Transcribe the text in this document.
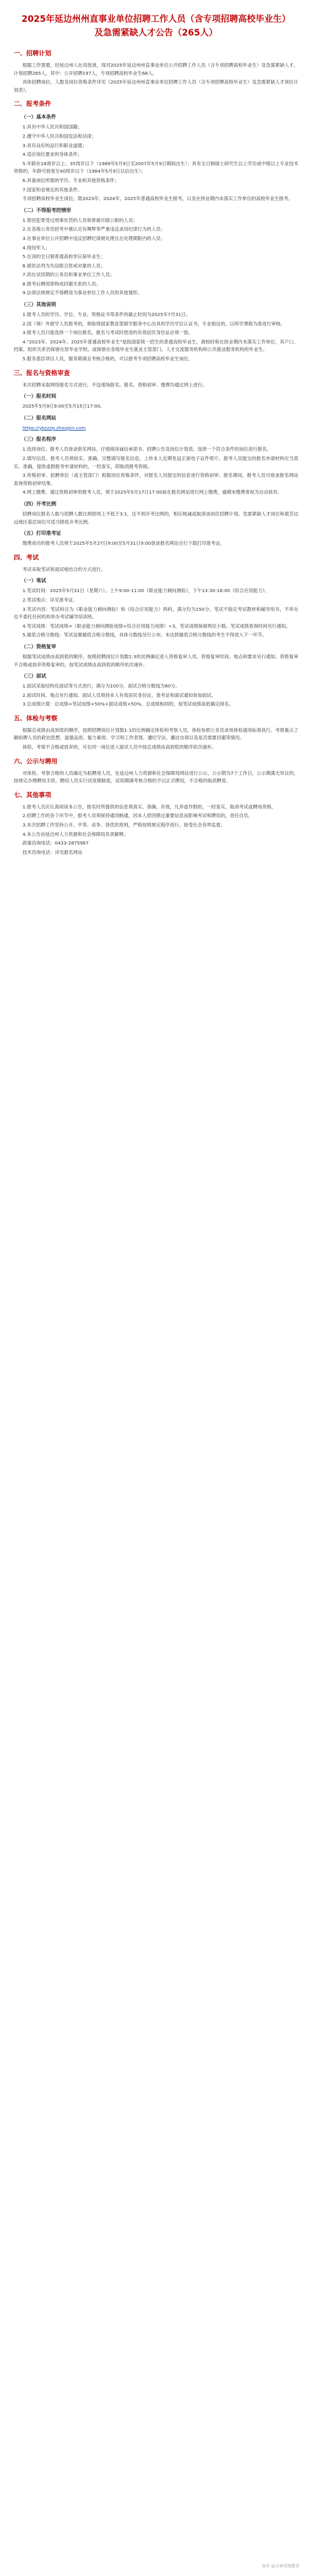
2025年延边州州直事业单位招聘工作人员（含专项招聘高校毕业生）及急需紧缺人才公告（265人）
一、招聘计划
根据工作需要，经延边州人社局批准，现对2025年延边州州直事业单位公开招聘工作人员（含专项招聘高校毕业生）及急需紧缺人才，计划招聘265人，其中：公开招聘197人，专项招聘高校毕业生68人。
具体招聘岗位、人数及岗位资格条件详见《2025年延边州州直事业单位招聘工作人员（含专项招聘高校毕业生）及急需紧缺人才岗位计划表》。
二、报考条件
（一）基本条件
1.具有中华人民共和国国籍；
2.遵守中华人民共和国宪法和法律；
3.具有良好的品行和职业道德；
4.适应岗位要求的身体条件；
5.年龄在18周岁以上、35周岁以下（1989年5月9日至2007年5月9日期间出生）；具有全日制硕士研究生以上学历或中级以上专业技术资格的，年龄可放宽至40周岁以下（1984年5月9日以后出生）；
6.具备岗位所需的学历、专业和其他资格条件；
7.国家和省规定的其他条件。
专项招聘高校毕业生岗位，限2023年、2024年、2025年普通高校毕业生报考，以及在择业期内未落实工作单位的高校毕业生报考。
（二）不得报考的情形
1.曾因犯罪受过刑事处罚的人员和曾被开除公职的人员；
2.在各级公务员招考中被认定有舞弊等严重违反录用纪律行为的人员；
3.在事业单位公开招聘中违反招聘纪律被处理且在处理期限内的人员；
4.现役军人；
5.在读的全日制普通高校非应届毕业生；
6.被依法列为失信联合惩戒对象的人员；
7.尚在试用期的公务员和事业单位工作人员；
8.报考后聘用即构成回避关系的人员；
9.法律法规规定不得聘用为事业单位工作人员的其他情形。
（三）其他说明
1.报考人员的学历、学位、专业、资格证书等条件的截止时间为2025年7月31日。
2.国（境）外留学人员报考的，须取得国家教育部留学服务中心出具的学历学位认证书，专业相近的，以所学课程为准进行审核。
3.报考人员只能选择一个岗位报名，报名与考试时使用的有效居民身份证必须一致。
4."2023年、2024年、2025年普通高校毕业生"是指国家统一招生的普通高校毕业生，离校时和在择业期内未落实工作单位，其户口、档案、组织关系仍保留在原毕业学校，或保留在各级毕业生就业主管部门、人才交流服务机构和公共就业服务机构的毕业生。
5.服务基层项目人员，服务期满且考核合格的，可以报考专项招聘高校毕业生岗位。
三、报名与资格审查
本次招聘采取网络报名方式进行，不设现场报名。报名、资格初审、缴费均通过网上进行。
（一）报名时间
2025年5月9日9:00至5月15日17:00。
（二）报名网站
https://ybzzzp.zhaopin.com
（三）报名程序
1.选择岗位。报考人员登录报名网站，仔细阅读诚信承诺书、招聘公告及岗位计划表，选择一个符合条件的岗位进行报名。
2.填写信息。报考人员须如实、准确、完整填写报名信息，上传本人近期免冠正面电子证件照片。报考人员提交的报名申请材料应当真实、准确，提供虚假报考申请材料的，一经查实，即取消报考资格。
3.资格初审。招聘单位（或主管部门）根据岗位资格条件，对报名人员提交的信息进行资格初审。报名期间，报考人员可登录报名网站查询资格初审结果。
4.网上缴费。通过资格初审的报考人员，须于2025年5月17日17:00前在报名网站进行网上缴费，逾期未缴费者视为自动放弃。
（四）开考比例
招聘岗位报名人数与招聘人数比例原则上不低于3:1，达不到开考比例的，相应核减或取消该岗位招聘计划。急需紧缺人才岗位和艰苦边远地区基层岗位可适当降低开考比例。
（五）打印准考证
缴费成功的报考人员须于2025年5月27日9:00至5月31日9:00登录报名网站自行下载打印准考证。
四、考试
考试采取笔试和面试相结合的方式进行。
（一）笔试
1.笔试时间：2025年5月31日（星期六）。上午9:00-11:00《职业能力倾向测验》，下午13:30-16:00《综合应用能力》。
2.笔试地点：详见准考证。
3.笔试内容：笔试科目为《职业能力倾向测验》和《综合应用能力》两科，满分均为150分。笔试不指定考试教材和辅导用书，不举办也不委托任何机构举办考试辅导培训班。
4.笔试成绩：笔试成绩=（职业能力倾向测验成绩+综合应用能力成绩）÷3，笔试成绩保留两位小数。笔试成绩查询时间另行通知。
5.最低合格分数线：笔试设置最低合格分数线，具体分数线另行公布。未达到最低合格分数线的考生不得进入下一环节。
（二）资格复审
根据笔试成绩由高到低的顺序，按照招聘岗位计划数1:3的比例确定进入资格复审人员。资格复审时间、地点和要求另行通知。资格复审不合格或放弃资格复审的，按笔试成绩由高到低的顺序依次递补。
（三）面试
1.面试采取结构化面试等方式进行，满分为100分，面试合格分数线为60分。
2.面试时间、地点另行通知。面试人员须持本人有效居民身份证、准考证和面试通知参加面试。
3.总成绩计算：总成绩=笔试成绩×50%+面试成绩×50%。总成绩相同的，按笔试成绩高低确定排名。
五、体检与考察
根据总成绩由高到低的顺序，按照招聘岗位计划数1:1的比例确定体检和考察人员。体检参照公务员录用体检通用标准执行。考察重点了解拟聘人员的政治思想、道德品质、能力素质、学习和工作表现、遵纪守法、廉洁自律以及是否需要回避等情况。
体检、考察不合格或放弃的，可在同一岗位进入面试人员中按总成绩由高到低的顺序依次递补。
六、公示与聘用
对体检、考察合格的人员确定为拟聘用人员，在延边州人力资源和社会保障局网站进行公示，公示期为7个工作日。公示期满无异议的，按规定办理聘用手续。聘用人员实行试用期制度，试用期满考核合格的予以正式聘用，不合格的取消聘用。
七、其他事项
1.报考人员应认真阅读本公告，报名时所提供的信息须真实、准确、有效，凡弄虚作假的，一经查实，取消考试或聘用资格。
2.招聘工作的各个环节中，报考人员须保持通讯畅通，因本人原因错过重要信息而影响考试和聘用的，责任自负。
3.本次招聘工作坚持公开、平等、竞争、择优的原则，严格按照规定程序进行，接受社会各界监督。
4.本公告由延边州人力资源和社会保障局负责解释。
政策咨询电话：0433-2875967
技术咨询电话：详见报名网站
知乎 @吉林华图教育
